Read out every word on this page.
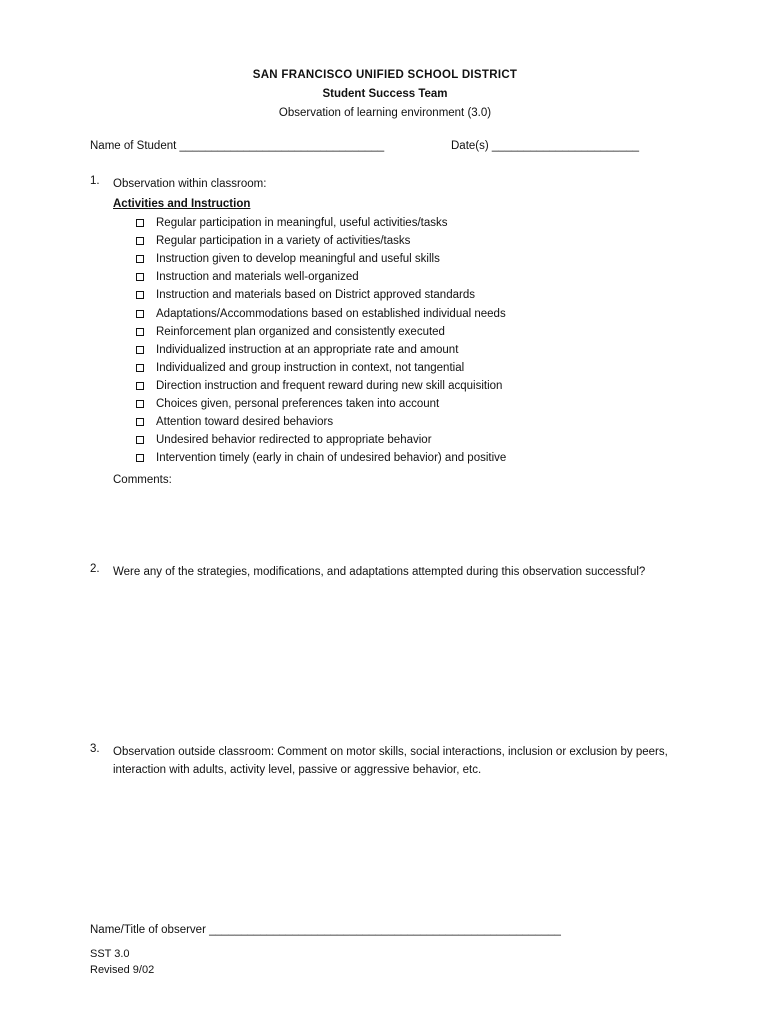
SAN FRANCISCO UNIFIED SCHOOL DISTRICT
Student Success Team
Observation of learning environment (3.0)
Name of Student ________________________________	Date(s) _______________________
1. Observation within classroom:
Activities and Instruction
Regular participation in meaningful, useful activities/tasks
Regular participation in a variety of activities/tasks
Instruction given to develop meaningful and useful skills
Instruction and materials well-organized
Instruction and materials based on District approved standards
Adaptations/Accommodations based on established individual needs
Reinforcement plan organized and consistently executed
Individualized instruction at an appropriate rate and amount
Individualized and group instruction in context, not tangential
Direction instruction and frequent reward during new skill acquisition
Choices given, personal preferences taken into account
Attention toward desired behaviors
Undesired behavior redirected to appropriate behavior
Intervention timely (early in chain of undesired behavior) and positive
Comments:
2. Were any of the strategies, modifications, and adaptations attempted during this observation successful?
3. Observation outside classroom: Comment on motor skills, social interactions, inclusion or exclusion by peers, interaction with adults, activity level, passive or aggressive behavior, etc.
Name/Title of observer _______________________________________________________
SST 3.0
Revised 9/02
